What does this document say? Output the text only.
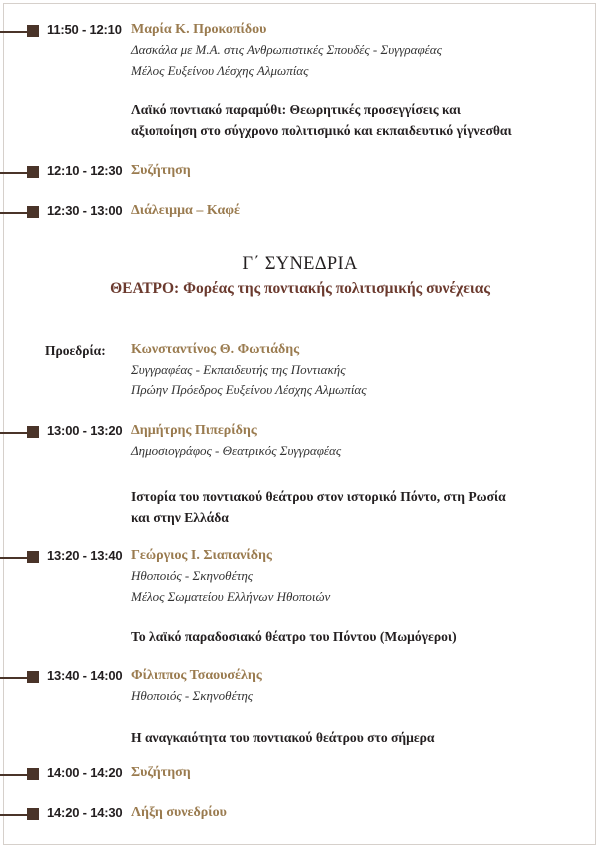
11:50 - 12:10 Μαρία Κ. Προκοπίδου
Δασκάλα με Μ.Α. στις Ανθρωπιστικές Σπουδές - Συγγραφέας
Μέλος Ευξείνου Λέσχης Αλμωπίας
Λαϊκό ποντιακό παραμύθι: Θεωρητικές προσεγγίσεις και
αξιοποίηση στο σύγχρονο πολιτισμικό και εκπαιδευτικό γίγνεσθαι
12:10 - 12:30 Συζήτηση
12:30 - 13:00 Διάλειμμα – Καφέ
Γ΄ ΣΥΝΕΔΡΙΑ
ΘΕΑΤΡΟ: Φορέας της ποντιακής πολιτισμικής συνέχειας
Προεδρία: Κωνσταντίνος Θ. Φωτιάδης
Συγγραφέας - Εκπαιδευτής της Ποντιακής
Πρώην Πρόεδρος Ευξείνου Λέσχης Αλμωπίας
13:00 - 13:20 Δημήτρης Πιπερίδης
Δημοσιογράφος - Θεατρικός Συγγραφέας
Ιστορία του ποντιακού θεάτρου στον ιστορικό Πόντο, στη Ρωσία
και στην Ελλάδα
13:20 - 13:40 Γεώργιος Ι. Σιαπανίδης
Ηθοποιός - Σκηνοθέτης
Μέλος Σωματείου Ελλήνων Ηθοποιών
Το λαϊκό παραδοσιακό θέατρο του Πόντου (Μωμόγεροι)
13:40 - 14:00 Φίλιππος Τσαουσέλης
Ηθοποιός - Σκηνοθέτης
Η αναγκαιότητα του ποντιακού θεάτρου στο σήμερα
14:00 - 14:20 Συζήτηση
14:20 - 14:30 Λήξη συνεδρίου
